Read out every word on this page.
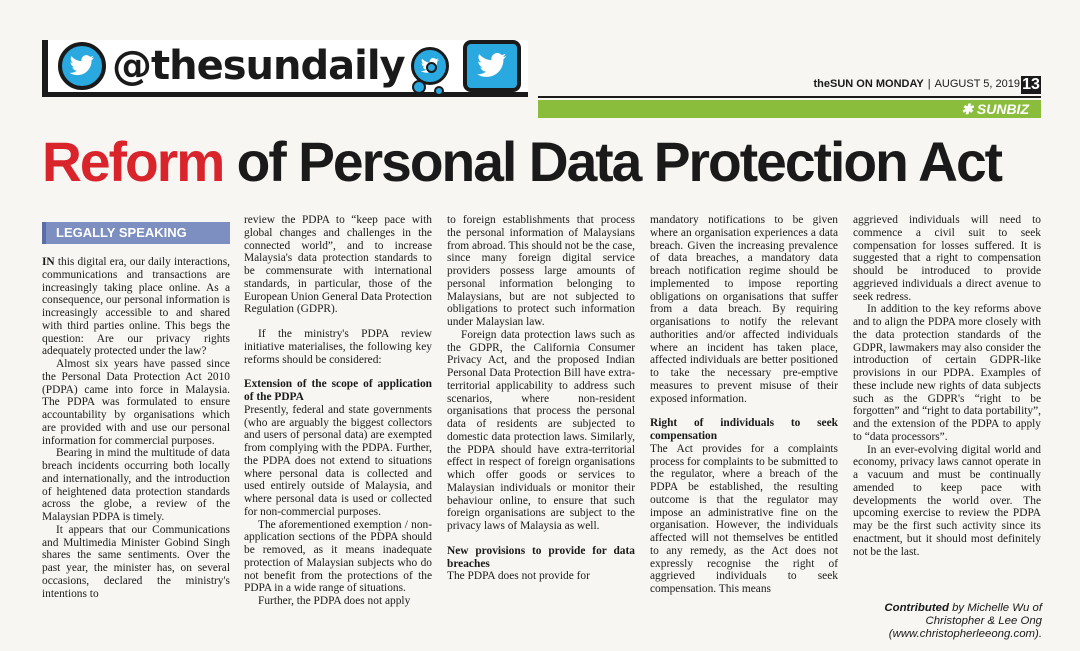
@thesundaily	theSUN ON MONDAY | AUGUST 5, 2019 13
✱ SUNBIZ
Reform of Personal Data Protection Act
LEGALLY SPEAKING

IN this digital era, our daily interactions, communications and transactions are increasingly taking place online. As a consequence, our personal information is increasingly accessible to and shared with third parties online. This begs the question: Are our privacy rights adequately protected under the law?

Almost six years have passed since the Personal Data Protection Act 2010 (PDPA) came into force in Malaysia. The PDPA was formulated to ensure accountability by organisations which are provided with and use our personal information for commercial purposes.

Bearing in mind the multitude of data breach incidents occurring both locally and internationally, and the introduction of heightened data protection standards across the globe, a review of the Malaysian PDPA is timely.

It appears that our Communications and Multimedia Minister Gobind Singh shares the same sentiments. Over the past year, the minister has, on several occasions, declared the ministry's intentions to

review the PDPA to “keep pace with global changes and challenges in the connected world”, and to increase Malaysia's data protection standards to be commensurate with international standards, in particular, those of the European Union General Data Protection Regulation (GDPR).

If the ministry's PDPA review initiative materialises, the following key reforms should be considered:

Extension of the scope of application of the PDPA

Presently, federal and state governments (who are arguably the biggest collectors and users of personal data) are exempted from complying with the PDPA. Further, the PDPA does not extend to situations where personal data is collected and used entirely outside of Malaysia, and where personal data is used or collected for non-commercial purposes.

The aforementioned exemption / non-application sections of the PDPA should be removed, as it means inadequate protection of Malaysian subjects who do not benefit from the protections of the PDPA in a wide range of situations.

Further, the PDPA does not apply

to foreign establishments that process the personal information of Malaysians from abroad. This should not be the case, since many foreign digital service providers possess large amounts of personal information belonging to Malaysians, but are not subjected to obligations to protect such information under Malaysian law.

Foreign data protection laws such as the GDPR, the California Consumer Privacy Act, and the proposed Indian Personal Data Protection Bill have extra-territorial applicability to address such scenarios, where non-resident organisations that process the personal data of residents are subjected to domestic data protection laws. Similarly, the PDPA should have extra-territorial effect in respect of foreign organisations which offer goods or services to Malaysian individuals or monitor their behaviour online, to ensure that such foreign organisations are subject to the privacy laws of Malaysia as well.

New provisions to provide for data breaches

The PDPA does not provide for

mandatory notifications to be given where an organisation experiences a data breach. Given the increasing prevalence of data breaches, a mandatory data breach notification regime should be implemented to impose reporting obligations on organisations that suffer from a data breach. By requiring organisations to notify the relevant authorities and/or affected individuals where an incident has taken place, affected individuals are better positioned to take the necessary pre-emptive measures to prevent misuse of their exposed information.

Right of individuals to seek compensation

The Act provides for a complaints process for complaints to be submitted to the regulator, where a breach of the PDPA be established, the resulting outcome is that the regulator may impose an administrative fine on the organisation. However, the individuals affected will not themselves be entitled to any remedy, as the Act does not expressly recognise the right of aggrieved individuals to seek compensation. This means

aggrieved individuals will need to commence a civil suit to seek compensation for losses suffered. It is suggested that a right to compensation should be introduced to provide aggrieved individuals a direct avenue to seek redress.

In addition to the key reforms above and to align the PDPA more closely with the data protection standards of the GDPR, lawmakers may also consider the introduction of certain GDPR-like provisions in our PDPA. Examples of these include new rights of data subjects such as the GDPR's “right to be forgotten” and “right to data portability”, and the extension of the PDPA to apply to “data processors”.

In an ever-evolving digital world and economy, privacy laws cannot operate in a vacuum and must be continually amended to keep pace with developments the world over. The upcoming exercise to review the PDPA may be the first such activity since its enactment, but it should most definitely not be the last.

Contributed by Michelle Wu of
Christopher & Lee Ong
(www.christopherleeong.com).
